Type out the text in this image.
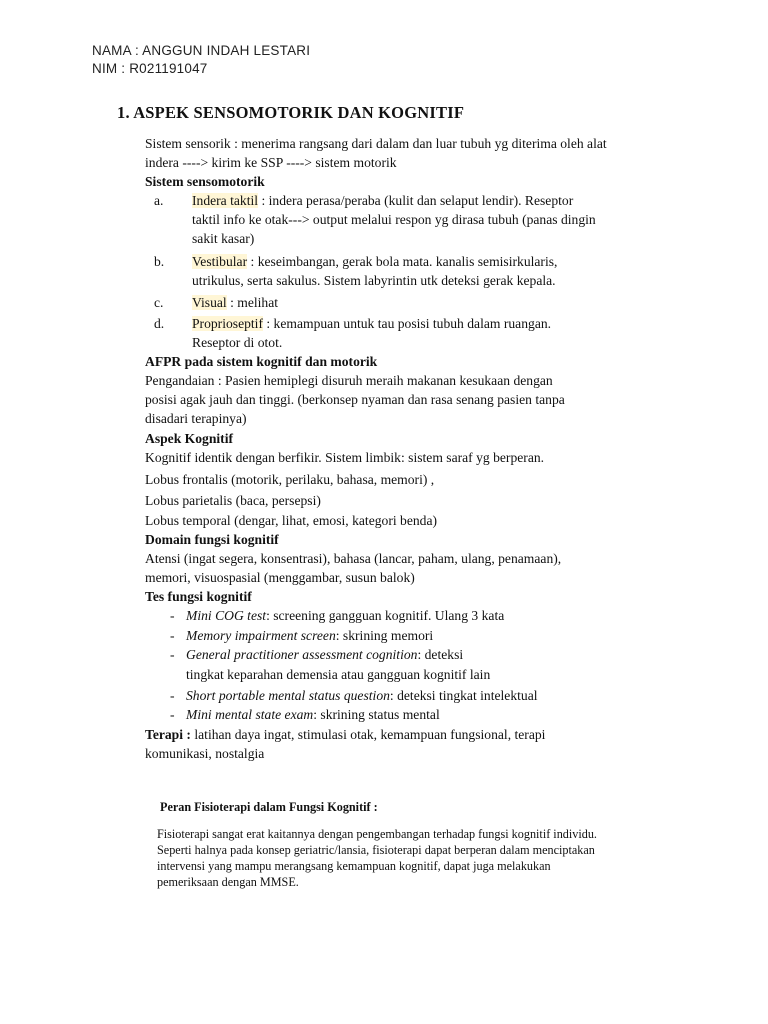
NAMA : ANGGUN INDAH LESTARI
NIM : R021191047
1. ASPEK SENSOMOTORIK DAN KOGNITIF
Sistem sensorik : menerima rangsang dari dalam dan luar tubuh yg diterima oleh alat
indera ----> kirim ke SSP ----> sistem motorik
Sistem sensomotorik
a. Indera taktil : indera perasa/peraba (kulit dan selaput lendir). Reseptor
taktil info ke otak---> output melalui respon yg dirasa tubuh (panas dingin
sakit kasar)
b. Vestibular : keseimbangan, gerak bola mata. kanalis semisirkularis,
utrikulus, serta sakulus. Sistem labyrintin utk deteksi gerak kepala.
c. Visual : melihat
d. Proprioseptif : kemampuan untuk tau posisi tubuh dalam ruangan.
Reseptor di otot.
AFPR pada sistem kognitif dan motorik
Pengandaian : Pasien hemiplegi disuruh meraih makanan kesukaan dengan
posisi agak jauh dan tinggi. (berkonsep nyaman dan rasa senang pasien tanpa
disadari terapinya)
Aspek Kognitif
Kognitif identik dengan berfikir. Sistem limbik: sistem saraf yg berperan.
Lobus frontalis (motorik, perilaku, bahasa, memori) ,
Lobus parietalis (baca, persepsi)
Lobus temporal (dengar, lihat, emosi, kategori benda)
Domain fungsi kognitif
Atensi (ingat segera, konsentrasi), bahasa (lancar, paham, ulang, penamaan),
memori, visuospasial (menggambar, susun balok)
Tes fungsi kognitif
- Mini COG test: screening gangguan kognitif. Ulang 3 kata
- Memory impairment screen: skrining memori
- General practitioner assessment cognition: deteksi
tingkat keparahan demensia atau gangguan kognitif lain
- Short portable mental status question: deteksi tingkat intelektual
- Mini mental state exam: skrining status mental
Terapi : latihan daya ingat, stimulasi otak, kemampuan fungsional, terapi
komunikasi, nostalgia
Peran Fisioterapi dalam Fungsi Kognitif :
Fisioterapi sangat erat kaitannya dengan pengembangan terhadap fungsi kognitif individu.
Seperti halnya pada konsep geriatric/lansia, fisioterapi dapat berperan dalam menciptakan
intervensi yang mampu merangsang kemampuan kognitif, dapat juga melakukan
pemeriksaan dengan MMSE.
